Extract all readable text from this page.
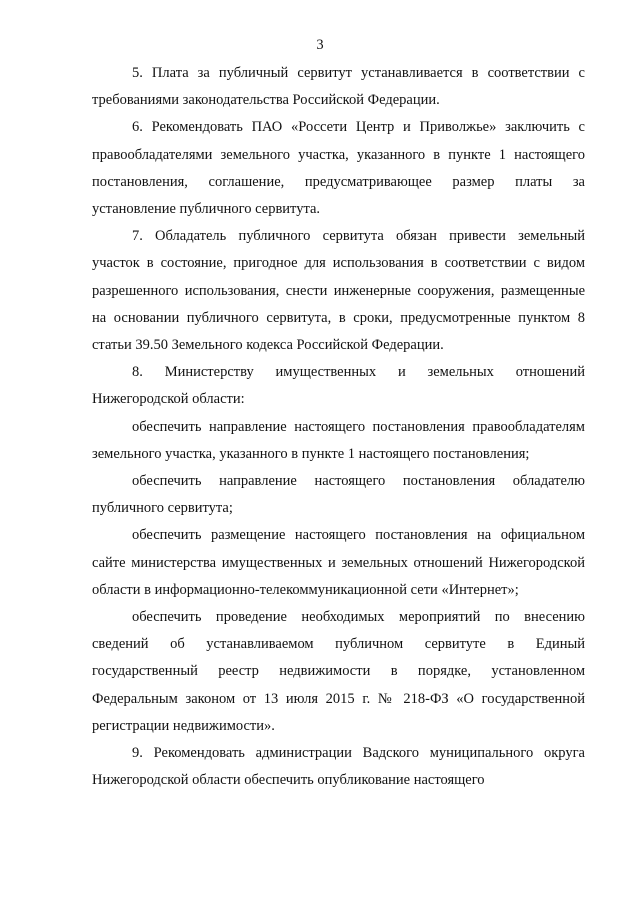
3

5. Плата за публичный сервитут устанавливается в соответствии с требованиями законодательства Российской Федерации.

6. Рекомендовать ПАО «Россети Центр и Приволжье» заключить с правообладателями земельного участка, указанного в пункте 1 настоящего постановления, соглашение, предусматривающее размер платы за установление публичного сервитута.

7. Обладатель публичного сервитута обязан привести земельный участок в состояние, пригодное для использования в соответствии с видом разрешенного использования, снести инженерные сооружения, размещенные на основании публичного сервитута, в сроки, предусмотренные пунктом 8 статьи 39.50 Земельного кодекса Российской Федерации.

8. Министерству имущественных и земельных отношений Нижегородской области:

обеспечить направление настоящего постановления правообладателям земельного участка, указанного в пункте 1 настоящего постановления;

обеспечить направление настоящего постановления обладателю публичного сервитута;

обеспечить размещение настоящего постановления на официальном сайте министерства имущественных и земельных отношений Нижегородской области в информационно-телекоммуникационной сети «Интернет»;

обеспечить проведение необходимых мероприятий по внесению сведений об устанавливаемом публичном сервитуте в Единый государственный реестр недвижимости в порядке, установленном Федеральным законом от 13 июля 2015 г. № 218-ФЗ «О государственной регистрации недвижимости».

9. Рекомендовать администрации Вадского муниципального округа Нижегородской области обеспечить опубликование настоящего
